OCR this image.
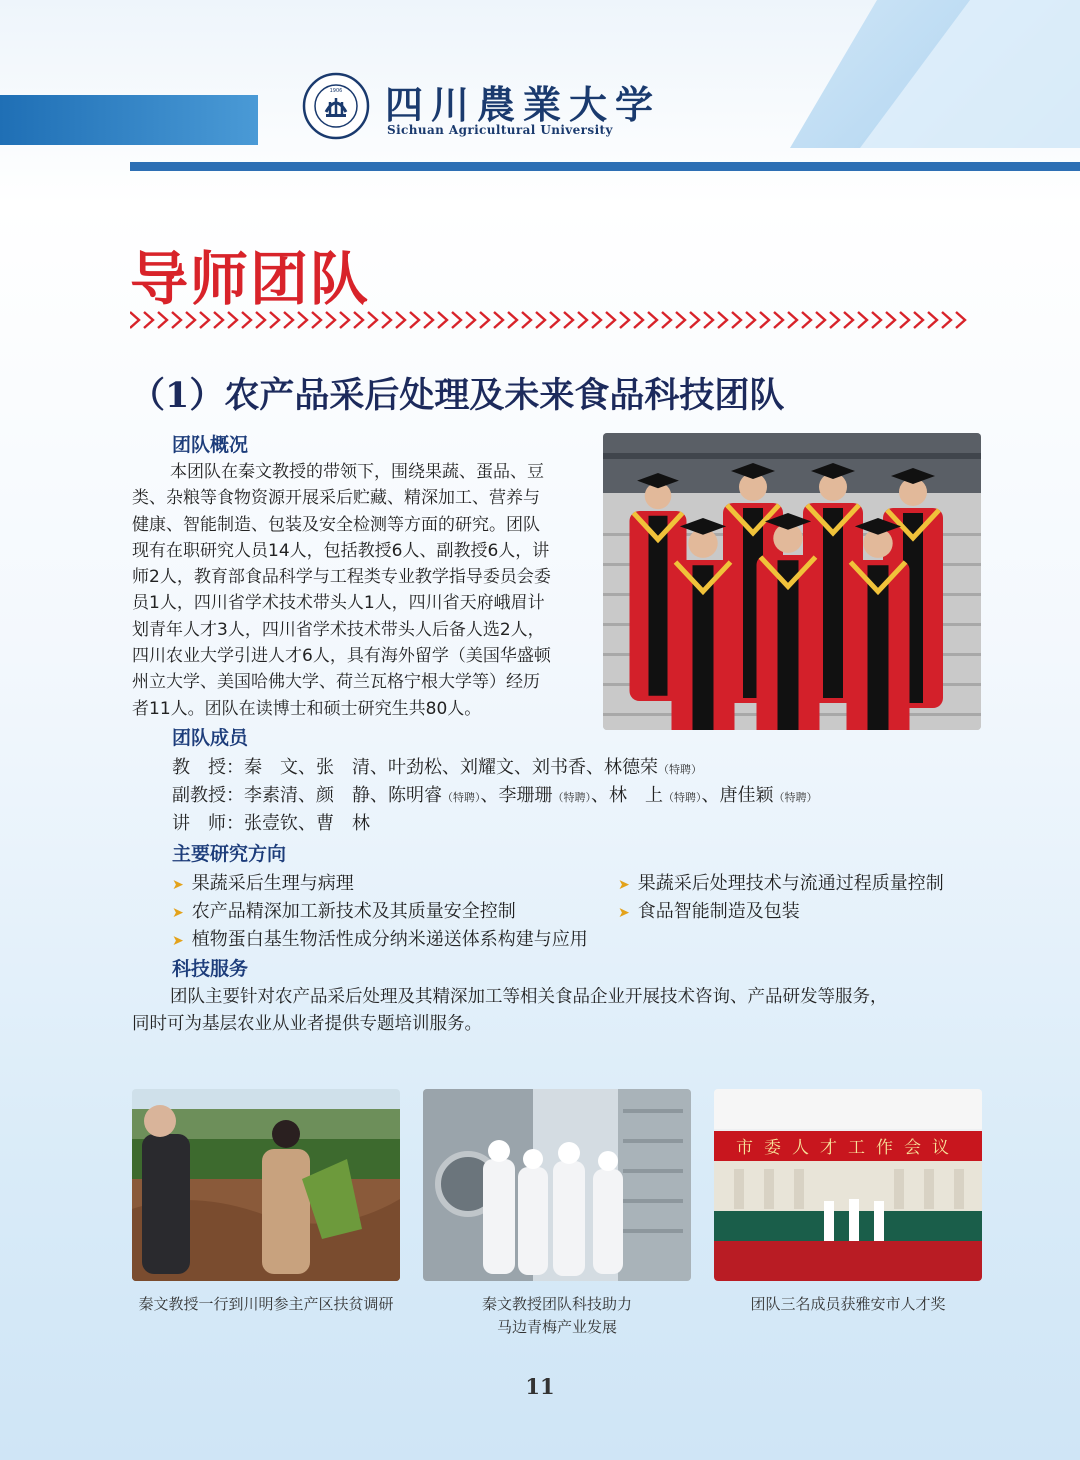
1906 四川農業大学
Sichuan Agricultural University
导师团队
（1）农产品采后处理及未来食品科技团队
团队概况
本团队在秦文教授的带领下，围绕果蔬、蛋品、豆
类、杂粮等食物资源开展采后贮藏、精深加工、营养与
健康、智能制造、包装及安全检测等方面的研究。团队
现有在职研究人员14人，包括教授6人、副教授6人，讲
师2人，教育部食品科学与工程类专业教学指导委员会委
员1人，四川省学术技术带头人1人，四川省天府峨眉计
划青年人才3人，四川省学术技术带头人后备人选2人，
四川农业大学引进人才6人，具有海外留学（美国华盛顿
州立大学、美国哈佛大学、荷兰瓦格宁根大学等）经历
者11人。团队在读博士和硕士研究生共80人。
团队成员
教　授：秦　文、张　清、叶劲松、刘耀文、刘书香、林德荣（特聘）
副教授：李素清、颜　静、陈明睿（特聘）、李珊珊（特聘）、林　上（特聘）、唐佳颖（特聘）
讲　师：张壹钦、曹　林
主要研究方向
➤ 果蔬采后生理与病理	➤ 果蔬采后处理技术与流通过程质量控制
➤ 农产品精深加工新技术及其质量安全控制	➤ 食品智能制造及包装
➤ 植物蛋白基生物活性成分纳米递送体系构建与应用
科技服务
团队主要针对农产品采后处理及其精深加工等相关食品企业开展技术咨询、产品研发等服务，
同时可为基层农业从业者提供专题培训服务。
市委人才工作会议
秦文教授一行到川明参主产区扶贫调研	秦文教授团队科技助力
马边青梅产业发展
团队三名成员获雅安市人才奖
11
